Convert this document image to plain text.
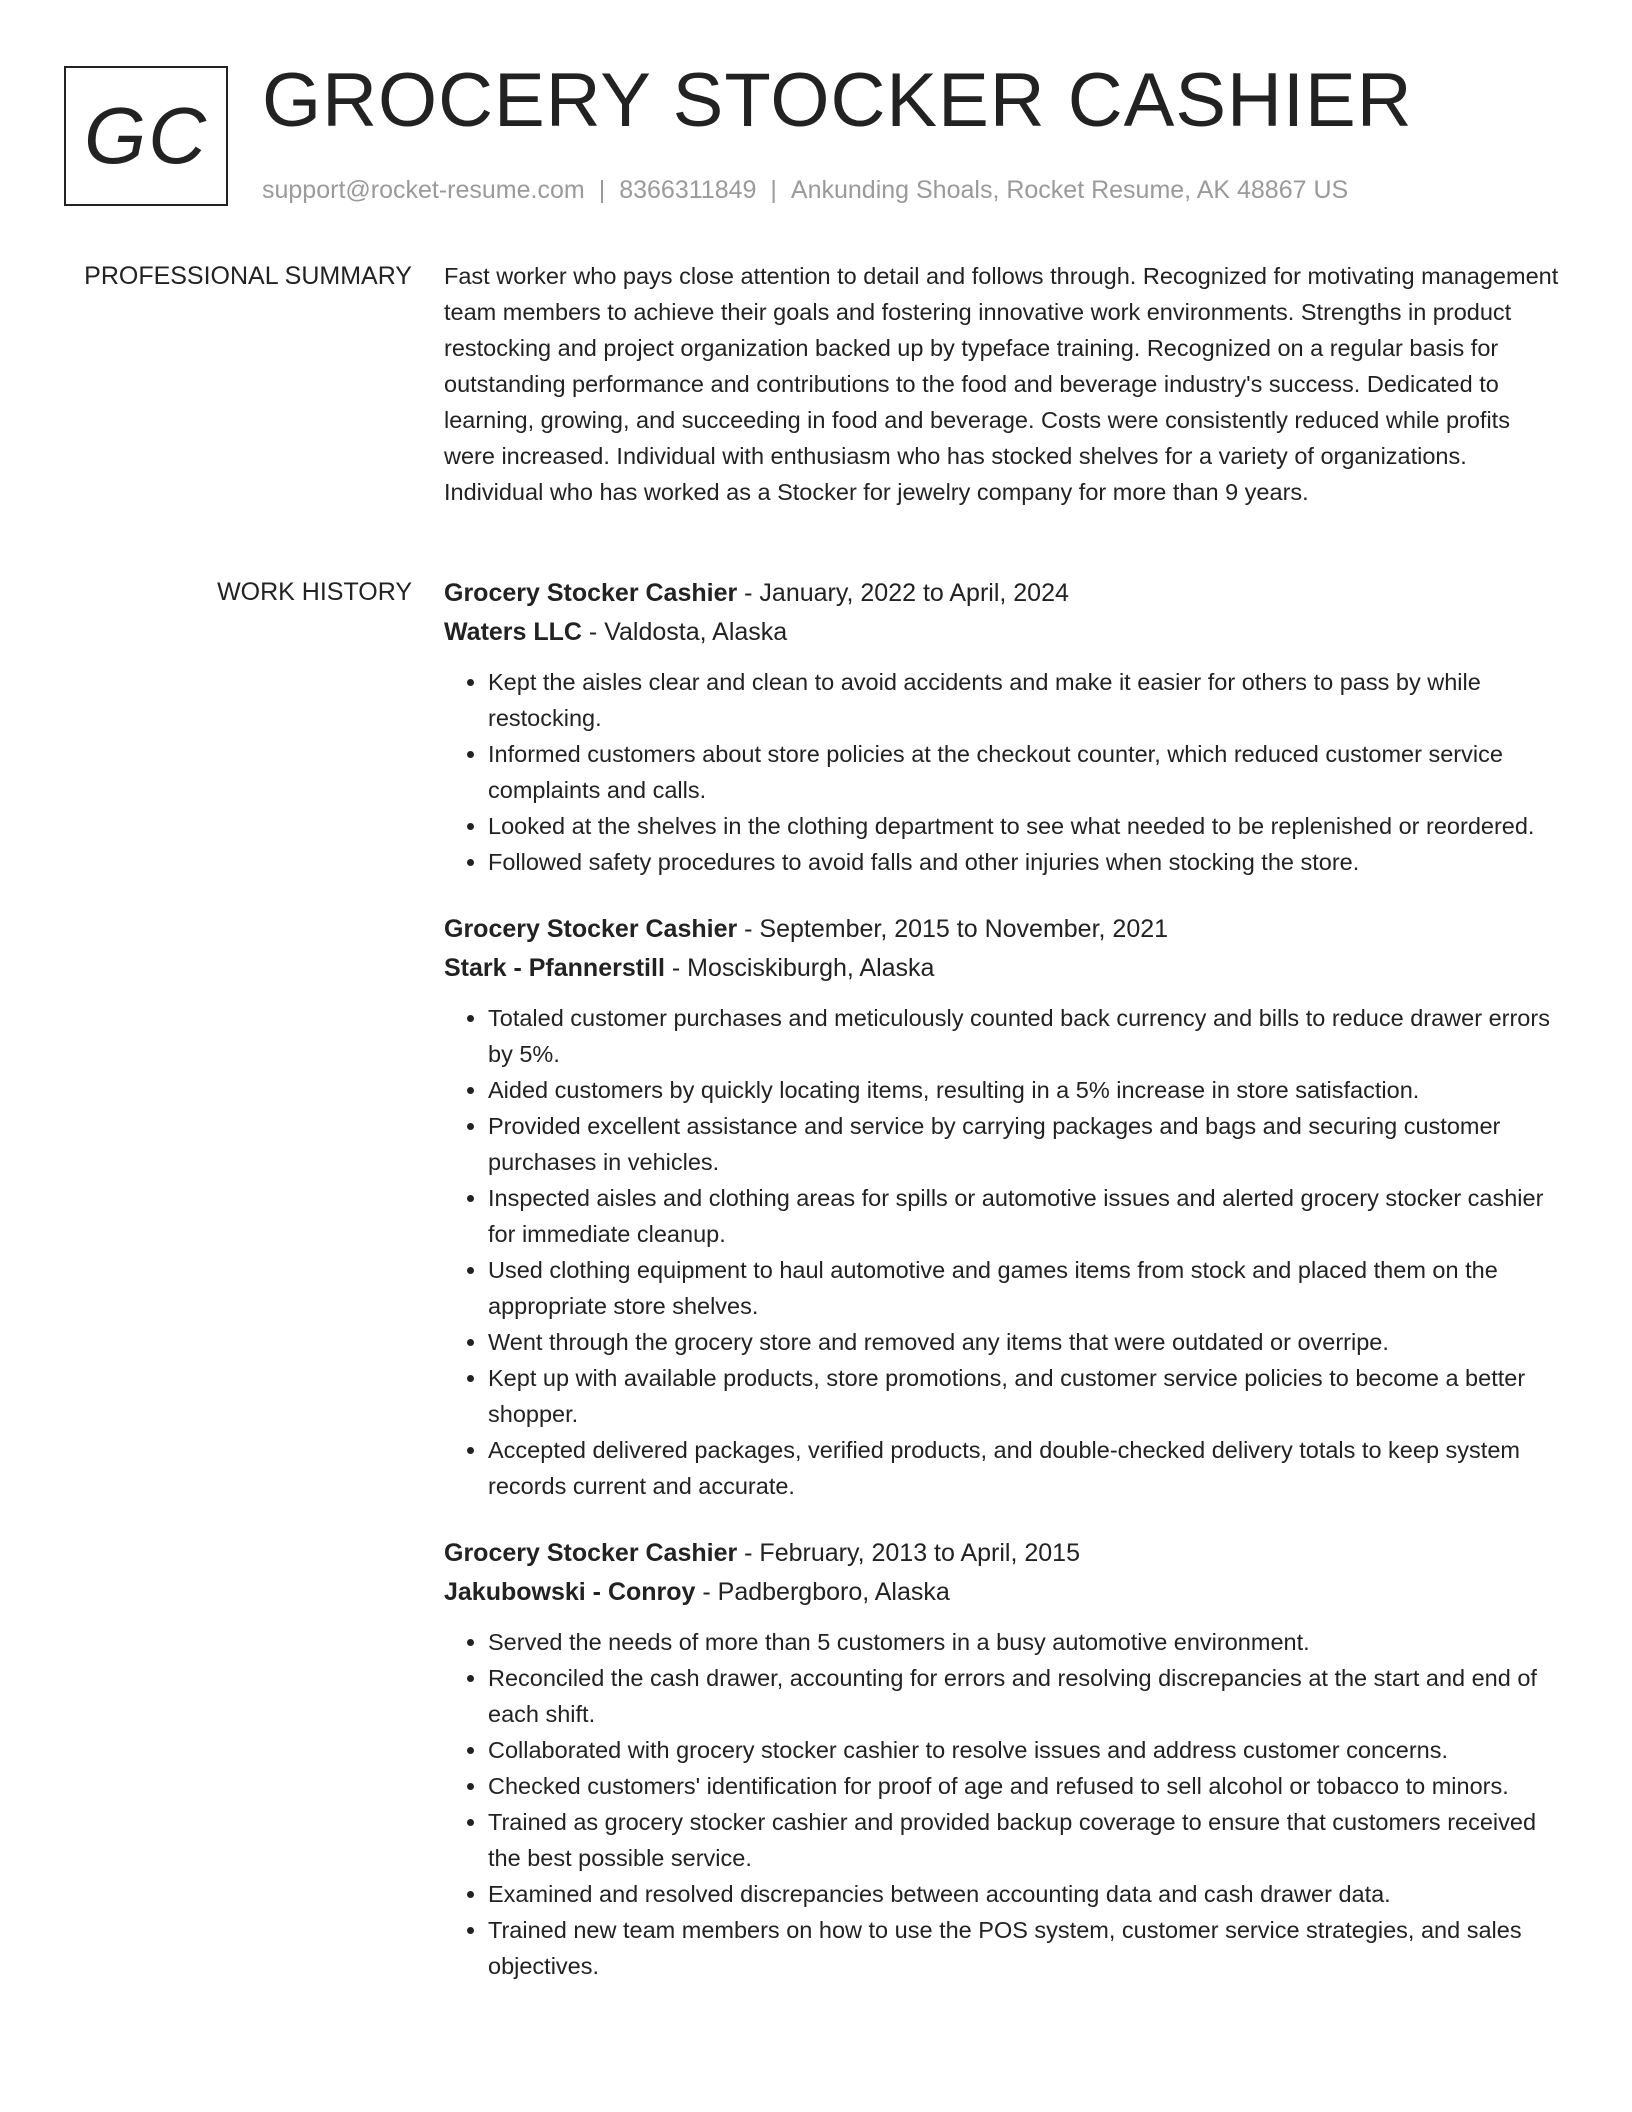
GC GROCERY STOCKER CASHIER
support@rocket-resume.com | 8366311849 | Ankunding Shoals, Rocket Resume, AK 48867 US
PROFESSIONAL SUMMARY Fast worker who pays close attention to detail and follows through. Recognized for motivating management team members to achieve their goals and fostering innovative work environments. Strengths in product restocking and project organization backed up by typeface training. Recognized on a regular basis for outstanding performance and contributions to the food and beverage industry's success. Dedicated to learning, growing, and succeeding in food and beverage. Costs were consistently reduced while profits were increased. Individual with enthusiasm who has stocked shelves for a variety of organizations. Individual who has worked as a Stocker for jewelry company for more than 9 years.

WORK HISTORY Grocery Stocker Cashier - January, 2022 to April, 2024
Waters LLC - Valdosta, Alaska
• Kept the aisles clear and clean to avoid accidents and make it easier for others to pass by while restocking.
• Informed customers about store policies at the checkout counter, which reduced customer service complaints and calls.
• Looked at the shelves in the clothing department to see what needed to be replenished or reordered.
• Followed safety procedures to avoid falls and other injuries when stocking the store.
Grocery Stocker Cashier - September, 2015 to November, 2021
Stark - Pfannerstill - Mosciskiburgh, Alaska
• Totaled customer purchases and meticulously counted back currency and bills to reduce drawer errors by 5%.
• Aided customers by quickly locating items, resulting in a 5% increase in store satisfaction.
• Provided excellent assistance and service by carrying packages and bags and securing customer purchases in vehicles.
• Inspected aisles and clothing areas for spills or automotive issues and alerted grocery stocker cashier for immediate cleanup.
• Used clothing equipment to haul automotive and games items from stock and placed them on the appropriate store shelves.
• Went through the grocery store and removed any items that were outdated or overripe.
• Kept up with available products, store promotions, and customer service policies to become a better shopper.
• Accepted delivered packages, verified products, and double-checked delivery totals to keep system records current and accurate.
Grocery Stocker Cashier - February, 2013 to April, 2015
Jakubowski - Conroy - Padbergboro, Alaska
• Served the needs of more than 5 customers in a busy automotive environment.
• Reconciled the cash drawer, accounting for errors and resolving discrepancies at the start and end of each shift.
• Collaborated with grocery stocker cashier to resolve issues and address customer concerns.
• Checked customers' identification for proof of age and refused to sell alcohol or tobacco to minors.
• Trained as grocery stocker cashier and provided backup coverage to ensure that customers received the best possible service.
• Examined and resolved discrepancies between accounting data and cash drawer data.
• Trained new team members on how to use the POS system, customer service strategies, and sales objectives.
